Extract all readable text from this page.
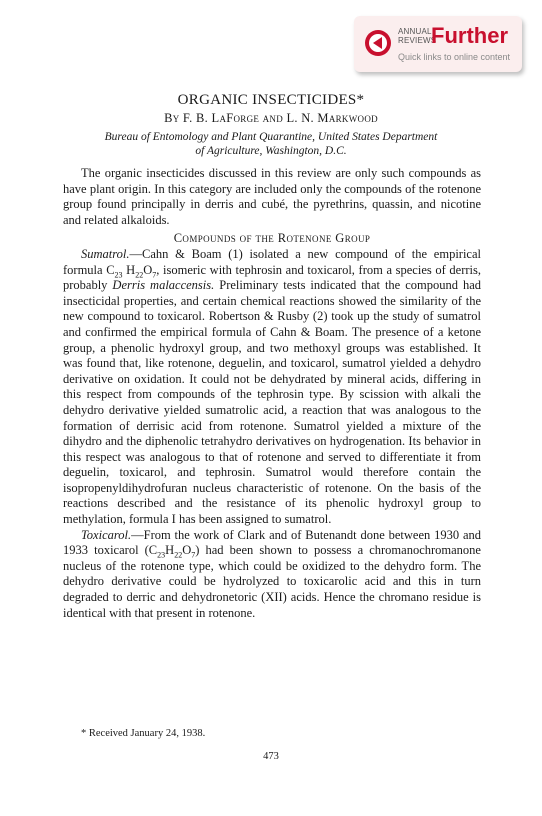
ANNUAL
REVIEWS
Further
Quick links to online content
ORGANIC INSECTICIDES*
By F. B. LaForge and L. N. Markwood
Bureau of Entomology and Plant Quarantine, United States Department
of Agriculture, Washington, D.C.

The organic insecticides discussed in this review are only such compounds as have plant origin. In this category are included only the compounds of the rotenone group found principally in derris and cubé, the pyrethrins, quassin, and nicotine and related alkaloids.

Compounds of the Rotenone Group

Sumatrol.—Cahn & Boam (1) isolated a new compound of the empirical formula $C_{23}$ $H_{22}O_7$, isomeric with tephrosin and toxicarol, from a species of derris, probably Derris malaccensis. Preliminary tests indicated that the compound had insecticidal properties, and certain chemical reactions showed the similarity of the new compound to toxicarol. Robertson & Rusby (2) took up the study of sumatrol and confirmed the empirical formula of Cahn & Boam. The presence of a ketone group, a phenolic hydroxyl group, and two methoxyl groups was established. It was found that, like rotenone, deguelin, and toxicarol, sumatrol yielded a dehydro derivative on oxidation. It could not be dehydrated by mineral acids, differing in this respect from compounds of the tephrosin type. By scission with alkali the dehydro derivative yielded sumatrolic acid, a reaction that was analogous to the formation of derrisic acid from rotenone. Sumatrol yielded a mixture of the dihydro and the diphenolic tetrahydro derivatives on hydrogenation. Its behavior in this respect was analogous to that of rotenone and served to differentiate it from deguelin, toxicarol, and tephrosin. Sumatrol would therefore contain the isopropenyldihydrofuran nucleus characteristic of rotenone. On the basis of the reactions described and the resistance of its phenolic hydroxyl group to methylation, formula I has been assigned to sumatrol.

Toxicarol.—From the work of Clark and of Butenandt done between 1930 and 1933 toxicarol $(C_{23}H_{22}O_7)$ had been shown to possess a chromanochromanone nucleus of the rotenone type, which could be oxidized to the dehydro form. The dehydro derivative could be hydrolyzed to toxicarolic acid and this in turn degraded to derric and dehydronetoric (XII) acids. Hence the chromano residue is identical with that present in rotenone.

* Received January 24, 1938.
473
